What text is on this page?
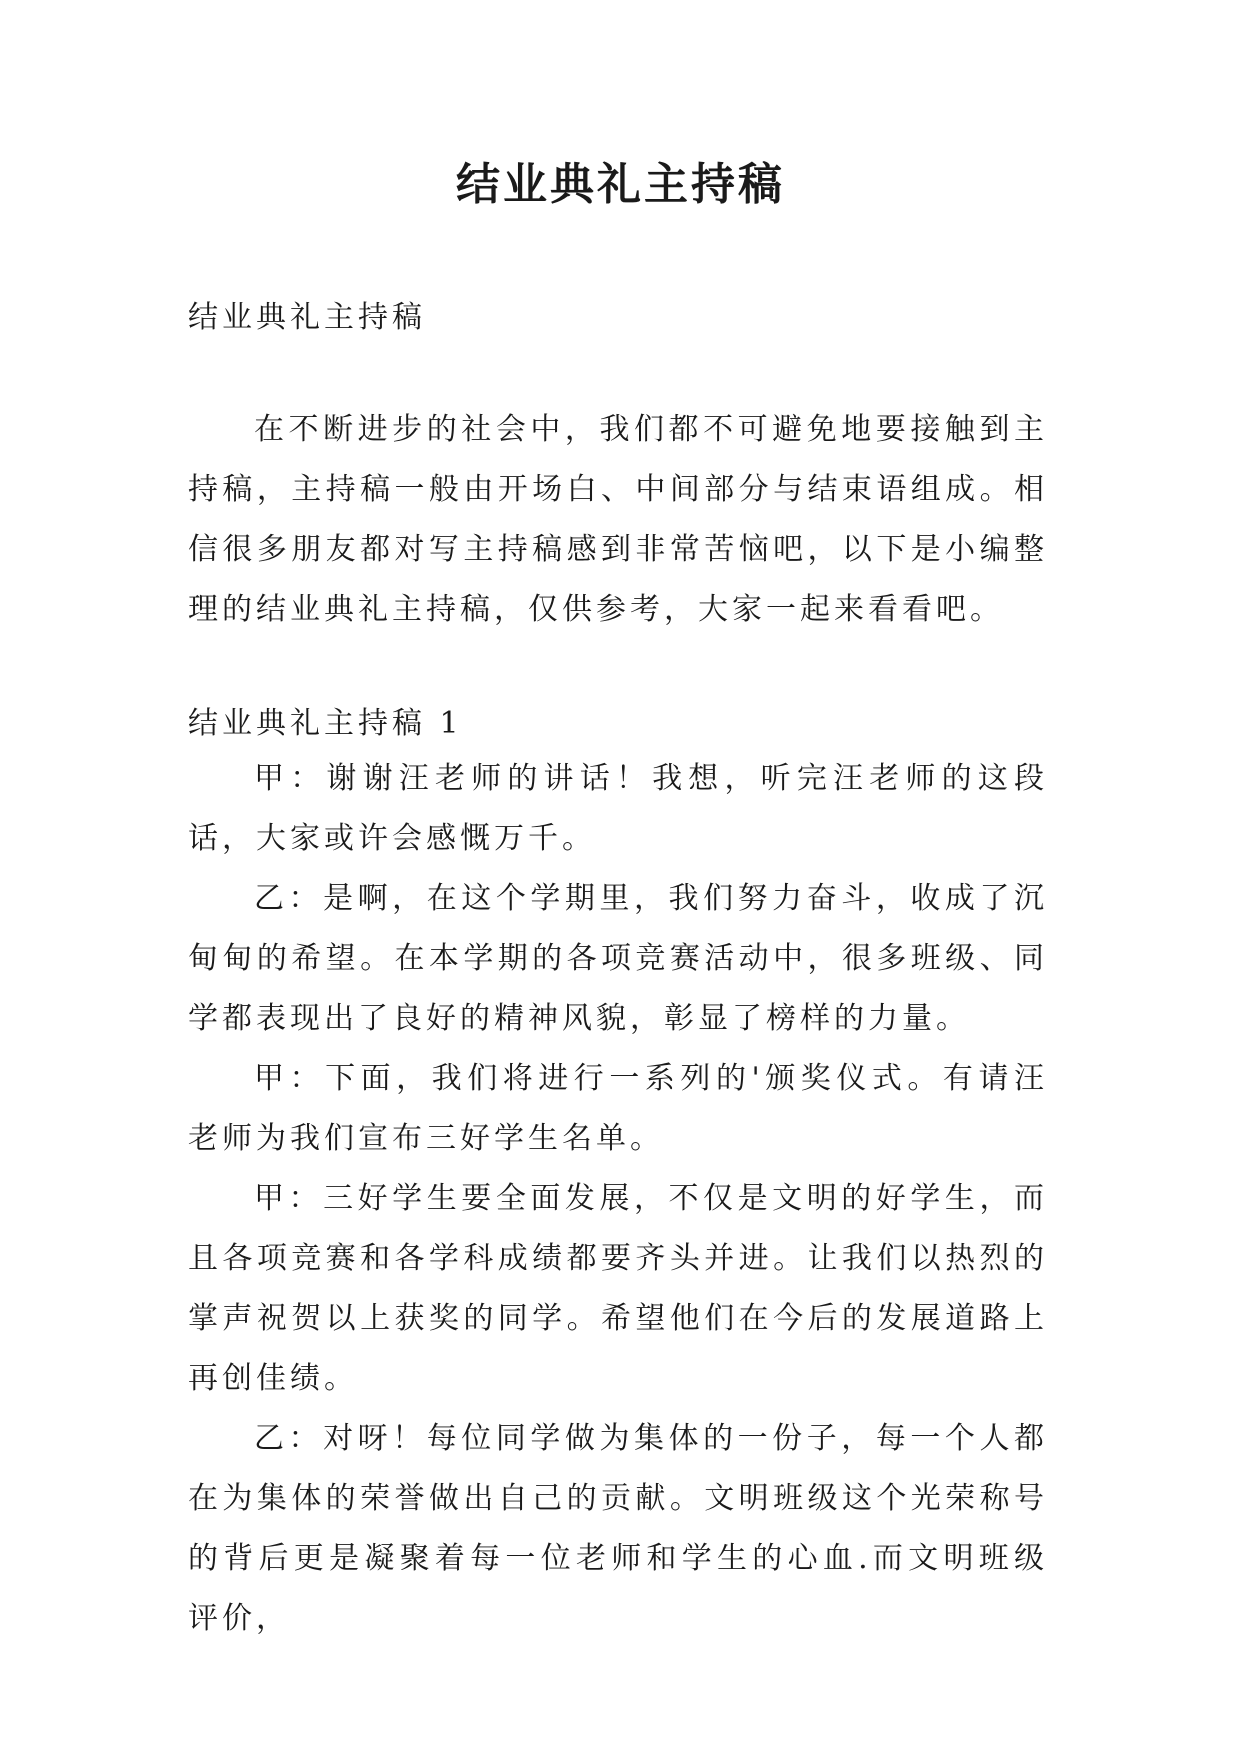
结业典礼主持稿

结业典礼主持稿

在不断进步的社会中，我们都不可避免地要接触到主持稿，主持稿一般由开场白、中间部分与结束语组成。相信很多朋友都对写主持稿感到非常苦恼吧，以下是小编整理的结业典礼主持稿，仅供参考，大家一起来看看吧。

结业典礼主持稿 1

甲：谢谢汪老师的讲话！我想，听完汪老师的这段话，大家或许会感慨万千。

乙：是啊，在这个学期里，我们努力奋斗，收成了沉甸甸的希望。在本学期的各项竞赛活动中，很多班级、同学都表现出了良好的精神风貌，彰显了榜样的力量。

甲：下面，我们将进行一系列的'颁奖仪式。有请汪老师为我们宣布三好学生名单。

甲：三好学生要全面发展，不仅是文明的好学生，而且各项竞赛和各学科成绩都要齐头并进。让我们以热烈的掌声祝贺以上获奖的同学。希望他们在今后的发展道路上再创佳绩。

乙：对呀！每位同学做为集体的一份子，每一个人都在为集体的荣誉做出自己的贡献。文明班级这个光荣称号的背后更是凝聚着每一位老师和学生的心血.而文明班级评价，
